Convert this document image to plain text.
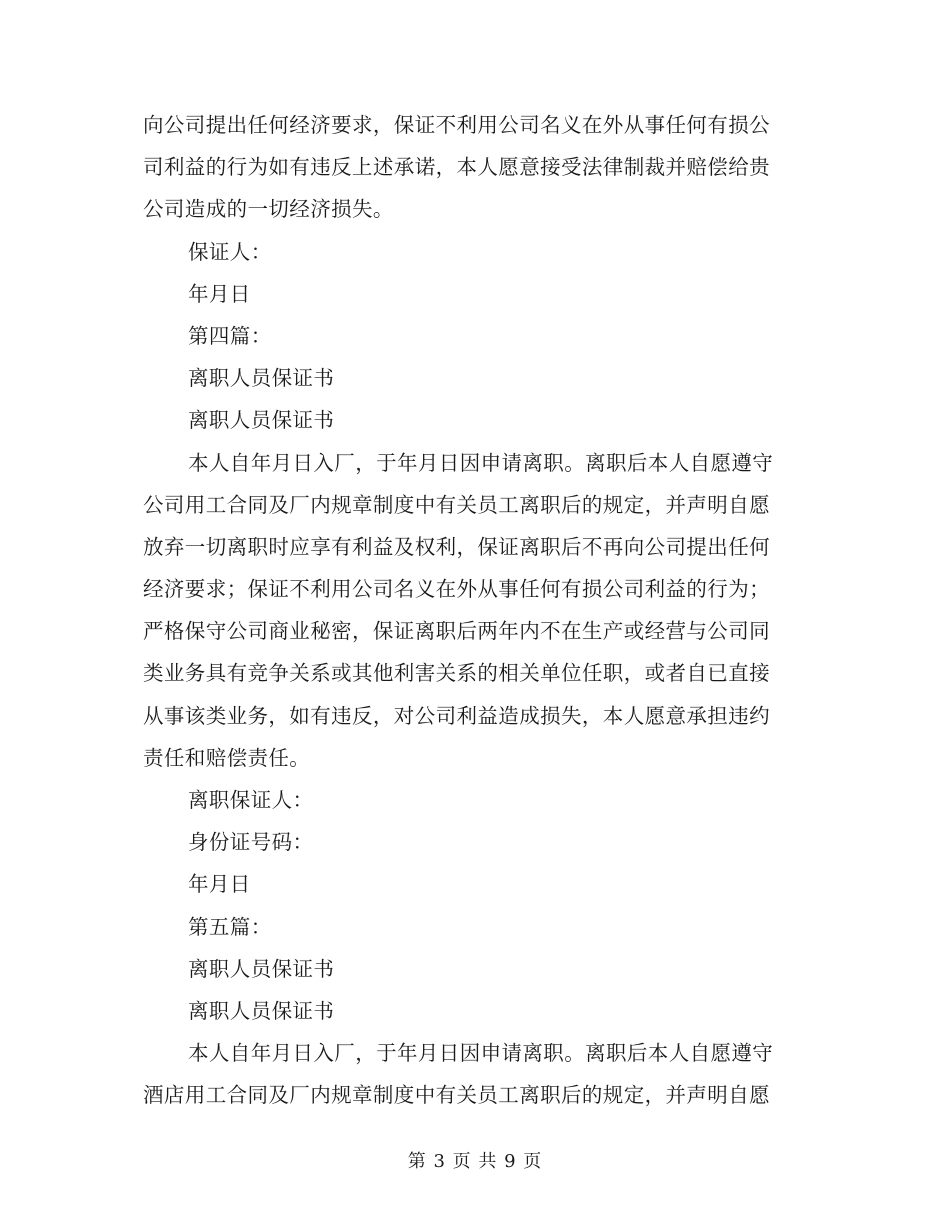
向公司提出任何经济要求，保证不利用公司名义在外从事任何有损公
司利益的行为如有违反上述承诺，本人愿意接受法律制裁并赔偿给贵
公司造成的一切经济损失。
保证人：
年月日
第四篇：
离职人员保证书
离职人员保证书
本人自年月日入厂，于年月日因申请离职。离职后本人自愿遵守
公司用工合同及厂内规章制度中有关员工离职后的规定，并声明自愿
放弃一切离职时应享有利益及权利，保证离职后不再向公司提出任何
经济要求；保证不利用公司名义在外从事任何有损公司利益的行为；
严格保守公司商业秘密，保证离职后两年内不在生产或经营与公司同
类业务具有竞争关系或其他利害关系的相关单位任职，或者自已直接
从事该类业务，如有违反，对公司利益造成损失，本人愿意承担违约
责任和赔偿责任。
离职保证人：
身份证号码：
年月日
第五篇：
离职人员保证书
离职人员保证书
本人自年月日入厂，于年月日因申请离职。离职后本人自愿遵守
酒店用工合同及厂内规章制度中有关员工离职后的规定，并声明自愿
第 3 页 共 9 页
